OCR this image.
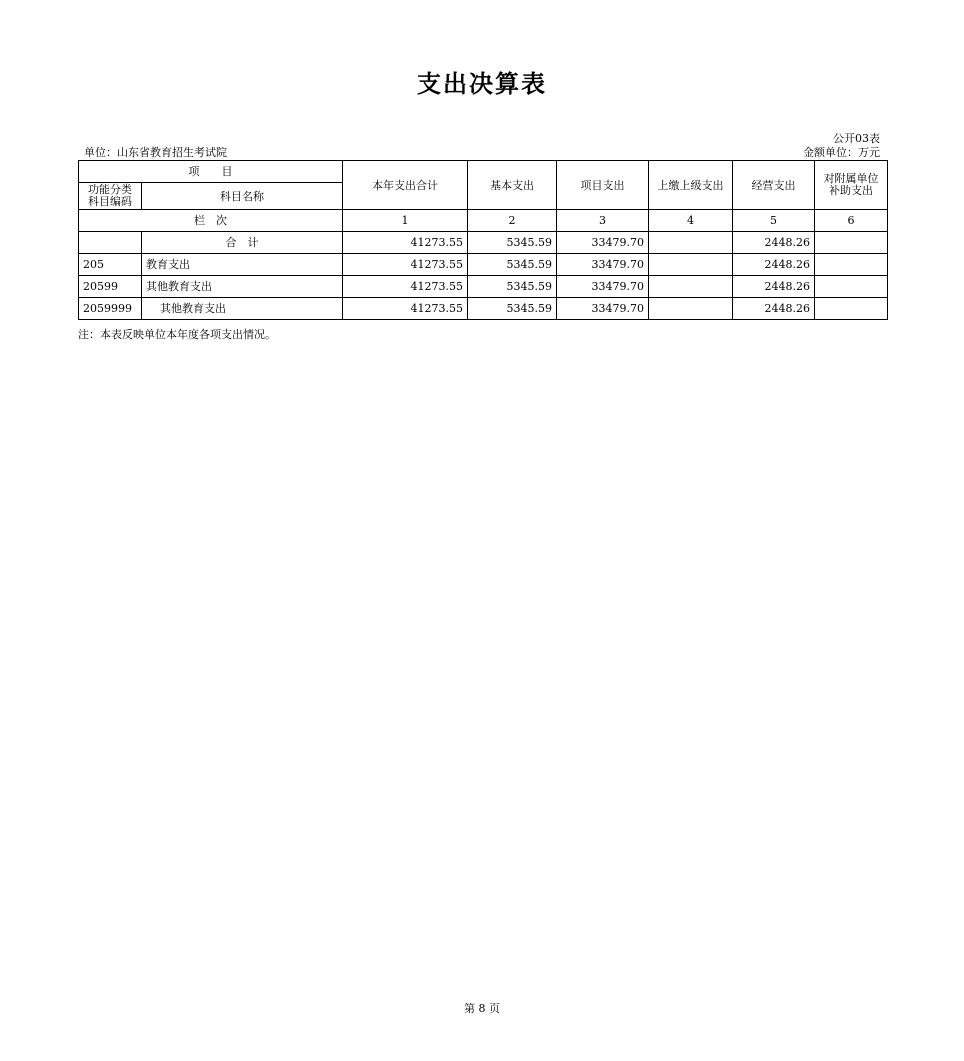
支出决算表
公开03表
单位：山东省教育招生考试院	金额单位：万元
项　　目		本年支出合计	基本支出	项目支出	上缴上级支出	经营支出	对附属单位补助支出
功能分类科目编码	科目名称						
栏　次		1	2	3	4	5	6
	合　计	41273.55	5345.59	33479.70		2448.26	
205	教育支出	41273.55	5345.59	33479.70		2448.26	
20599	其他教育支出	41273.55	5345.59	33479.70		2448.26	
2059999	其他教育支出	41273.55	5345.59	33479.70		2448.26	
注：本表反映单位本年度各项支出情况。
第 8 页
